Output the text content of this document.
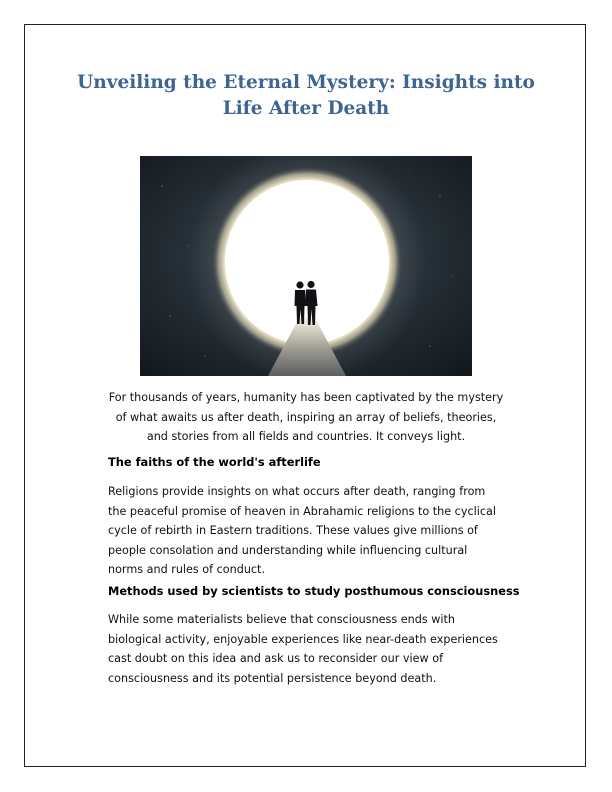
Unveiling the Eternal Mystery: Insights into Life After Death

For thousands of years, humanity has been captivated by the mystery of what awaits us after death, inspiring an array of beliefs, theories, and stories from all fields and countries. It conveys light.

The faiths of the world's afterlife

Religions provide insights on what occurs after death, ranging from the peaceful promise of heaven in Abrahamic religions to the cyclical cycle of rebirth in Eastern traditions. These values give millions of people consolation and understanding while influencing cultural norms and rules of conduct.

Methods used by scientists to study posthumous consciousness

While some materialists believe that consciousness ends with biological activity, enjoyable experiences like near-death experiences cast doubt on this idea and ask us to reconsider our view of consciousness and its potential persistence beyond death.
